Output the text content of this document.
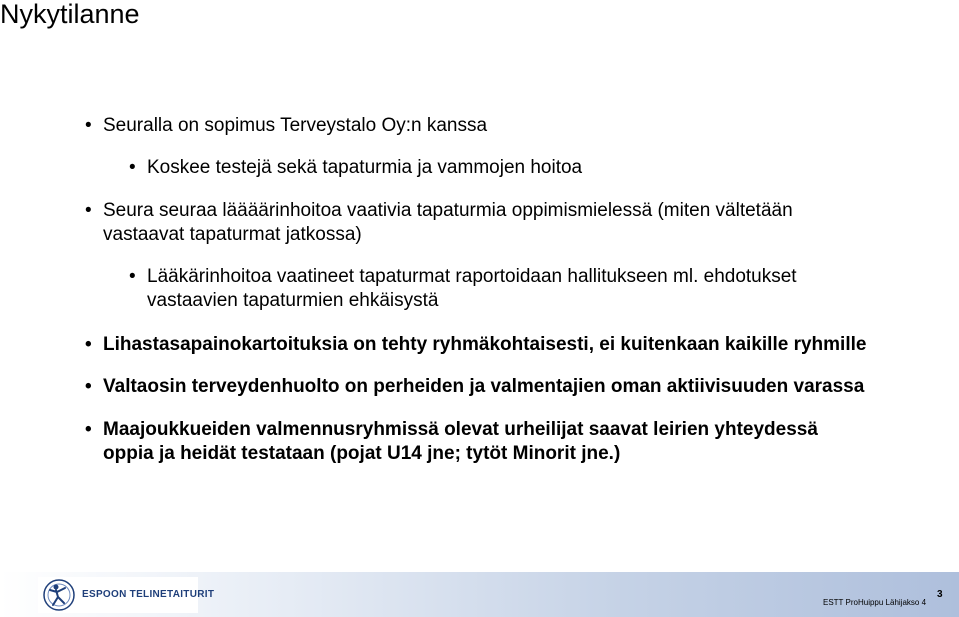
Nykytilanne
• Seuralla on sopimus Terveystalo Oy:n kanssa
• Koskee testejä sekä tapaturmia ja vammojen hoitoa
• Seura seuraa läääärinhoitoa vaativia tapaturmia oppimismielessä (miten vältetään
vastaavat tapaturmat jatkossa)
• Lääkärinhoitoa vaatineet tapaturmat raportoidaan hallitukseen ml. ehdotukset
vastaavien tapaturmien ehkäisystä
• Lihastasapainokartoituksia on tehty ryhmäkohtaisesti, ei kuitenkaan kaikille ryhmille
• Valtaosin terveydenhuolto on perheiden ja valmentajien oman aktiivisuuden varassa
• Maajoukkueiden valmennusryhmissä olevat urheilijat saavat leirien yhteydessä
oppia ja heidät testataan (pojat U14 jne; tytöt Minorit jne.)
ESPOON TELINETAITURIT
ESTT ProHuippu Lähijakso 4
3
